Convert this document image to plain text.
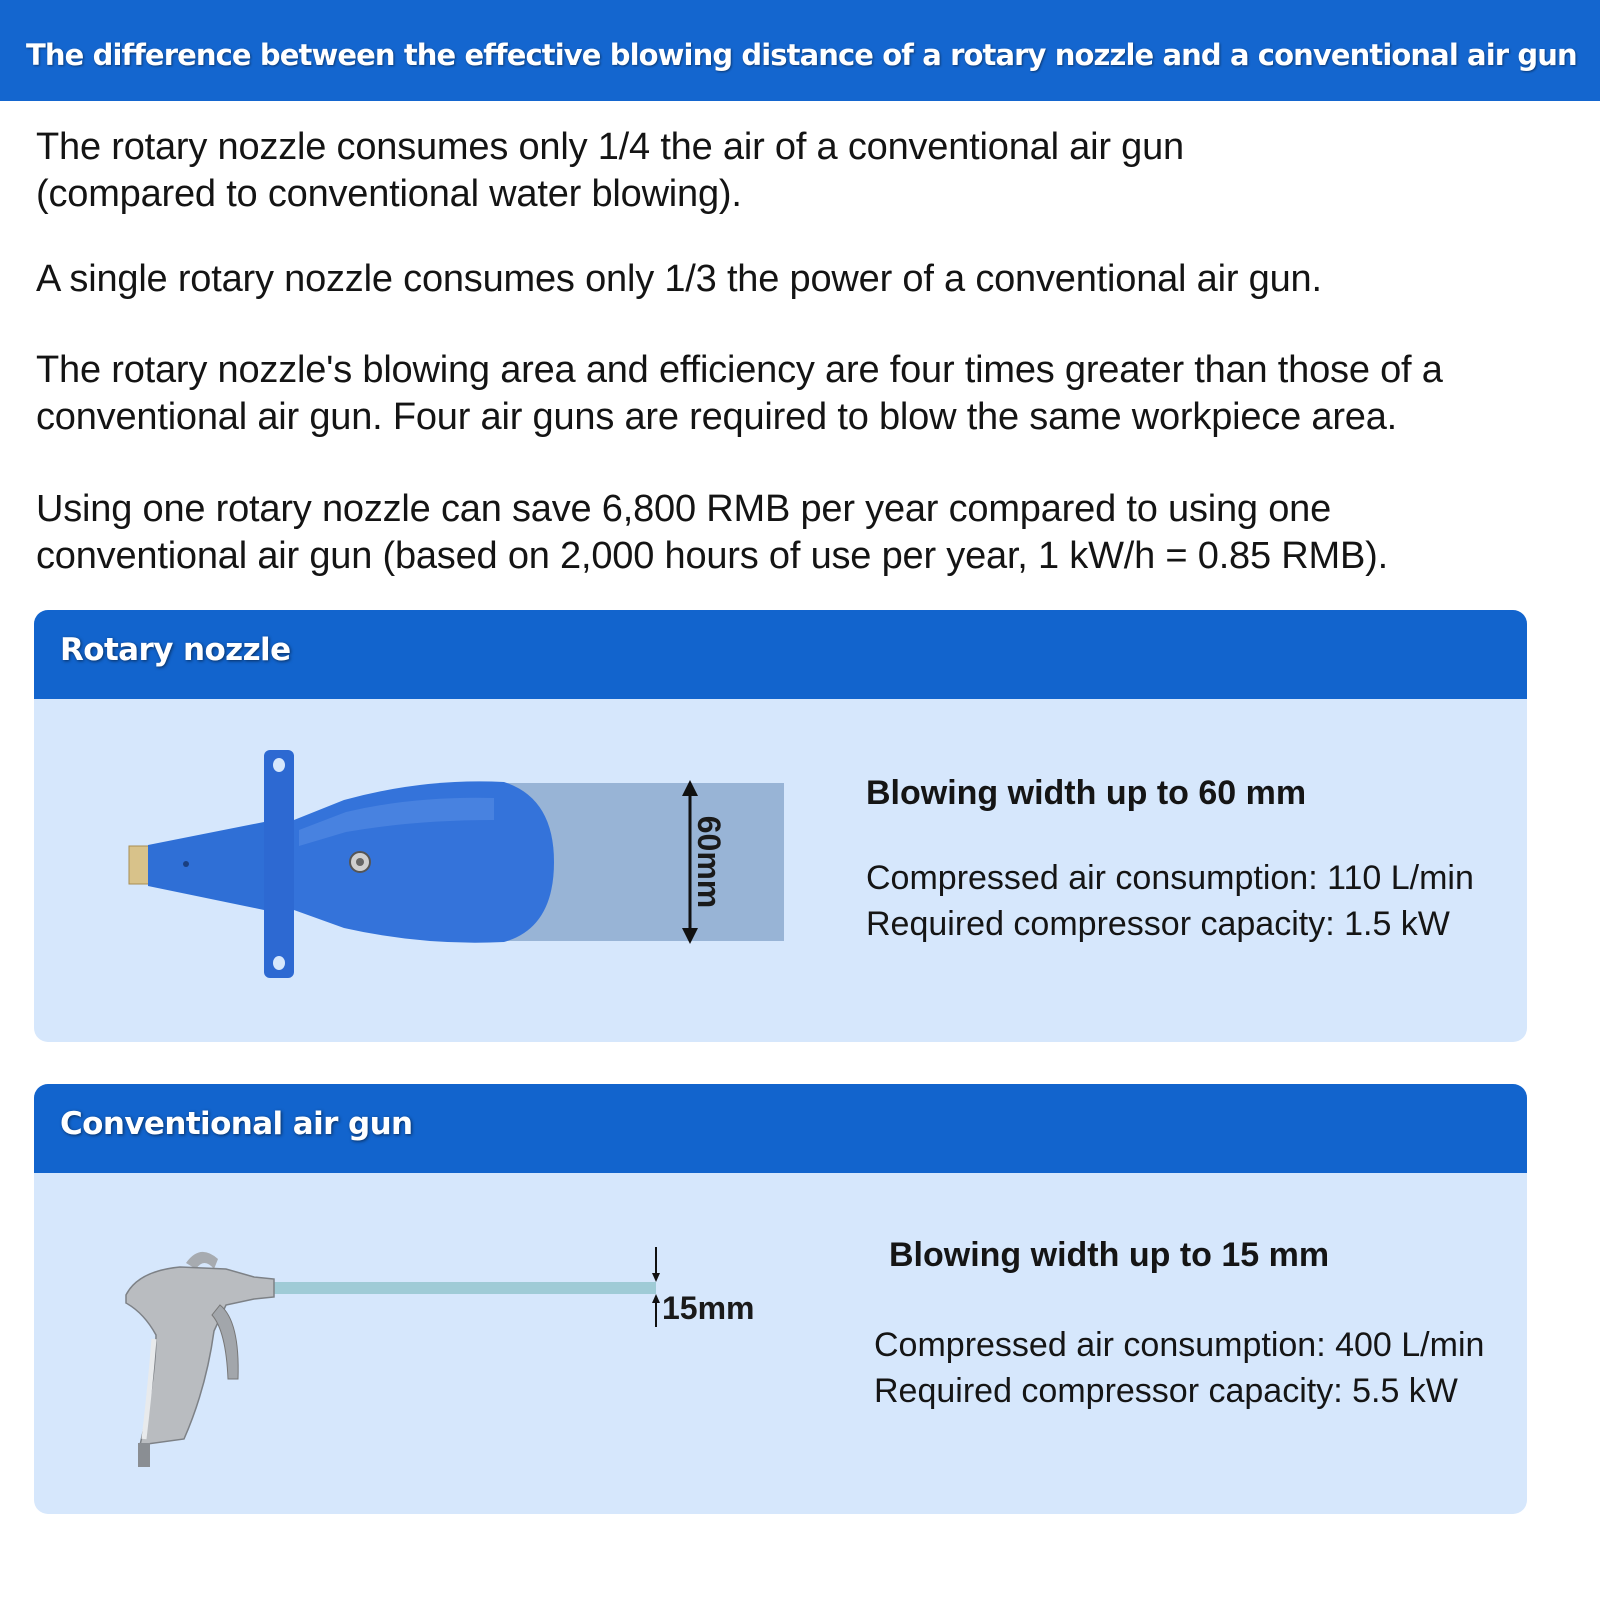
The difference between the effective blowing distance of a rotary nozzle and a conventional air gun

The rotary nozzle consumes only 1/4 the air of a conventional air gun
(compared to conventional water blowing).

A single rotary nozzle consumes only 1/3 the power of a conventional air gun.

The rotary nozzle's blowing area and efficiency are four times greater than those of a
conventional air gun. Four air guns are required to blow the same workpiece area.

Using one rotary nozzle can save 6,800 RMB per year compared to using one
conventional air gun (based on 2,000 hours of use per year, 1 kW/h = 0.85 RMB).

Rotary nozzle
60mm
Blowing width up to 60 mm
Compressed air consumption: 110 L/min
Required compressor capacity: 1.5 kW
Conventional air gun
15mm
Blowing width up to 15 mm
Compressed air consumption: 400 L/min
Required compressor capacity: 5.5 kW
